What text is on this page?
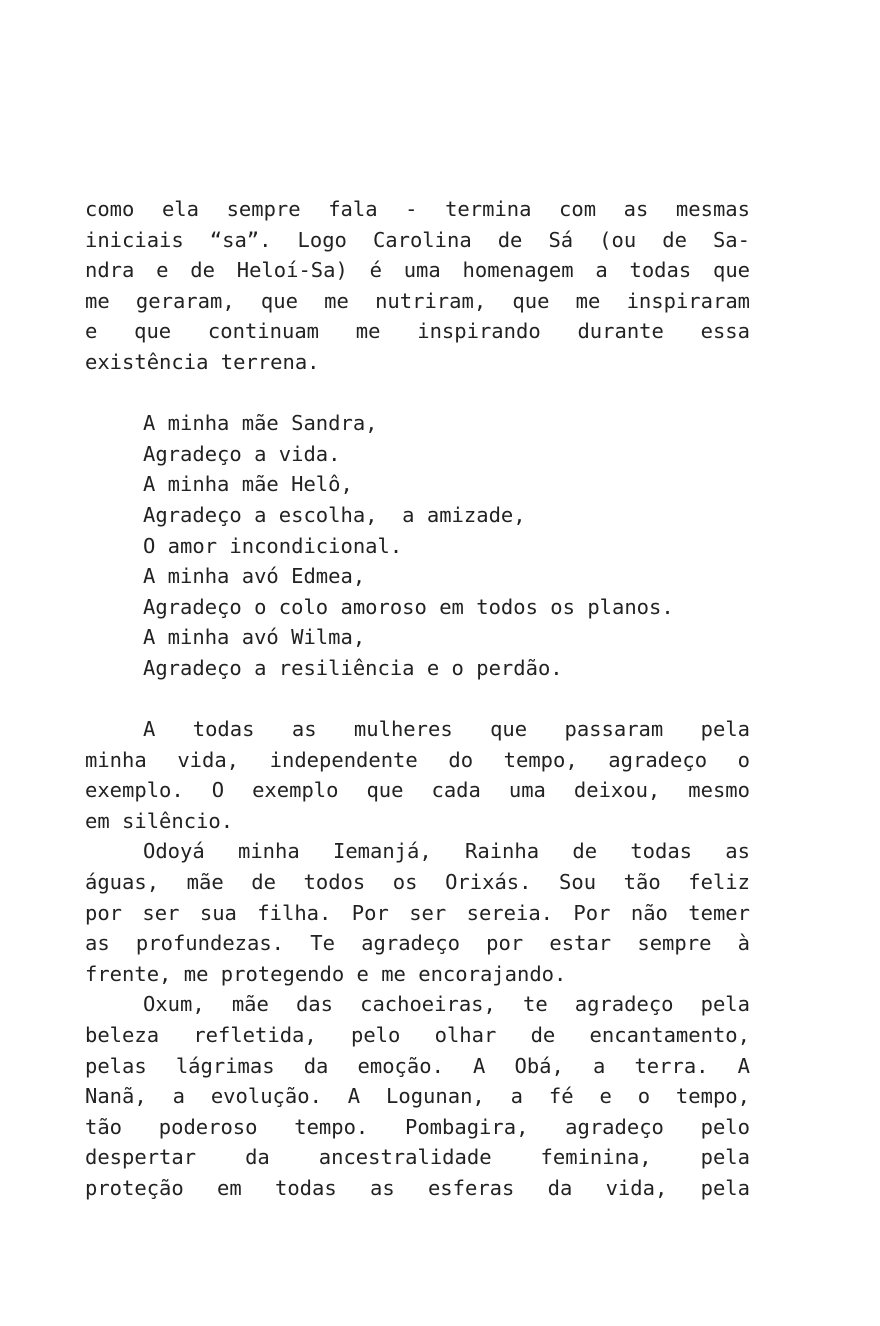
como ela sempre fala - termina com as mesmas
iniciais “sa”. Logo Carolina de Sá (ou de Sa-
ndra e de Heloí-Sa) é uma homenagem a todas que
me geraram, que me nutriram, que me inspiraram
e que continuam me inspirando durante essa
existência terrena.
A minha mãe Sandra,
Agradeço a vida.
A minha mãe Helô,
Agradeço a escolha,  a amizade,
O amor incondicional.
A minha avó Edmea,
Agradeço o colo amoroso em todos os planos.
A minha avó Wilma,
Agradeço a resiliência e o perdão.
A todas as mulheres que passaram pela
minha vida, independente do tempo, agradeço o
exemplo. O exemplo que cada uma deixou, mesmo
em silêncio.
Odoyá minha Iemanjá, Rainha de todas as
águas, mãe de todos os Orixás. Sou tão feliz
por ser sua filha. Por ser sereia. Por não temer
as profundezas. Te agradeço por estar sempre à
frente, me protegendo e me encorajando.
Oxum, mãe das cachoeiras, te agradeço pela
beleza refletida, pelo olhar de encantamento,
pelas lágrimas da emoção. A Obá, a terra. A
Nanã, a evolução. A Logunan, a fé e o tempo,
tão poderoso tempo. Pombagira, agradeço pelo
despertar da ancestralidade feminina, pela
proteção em todas as esferas da vida, pela
